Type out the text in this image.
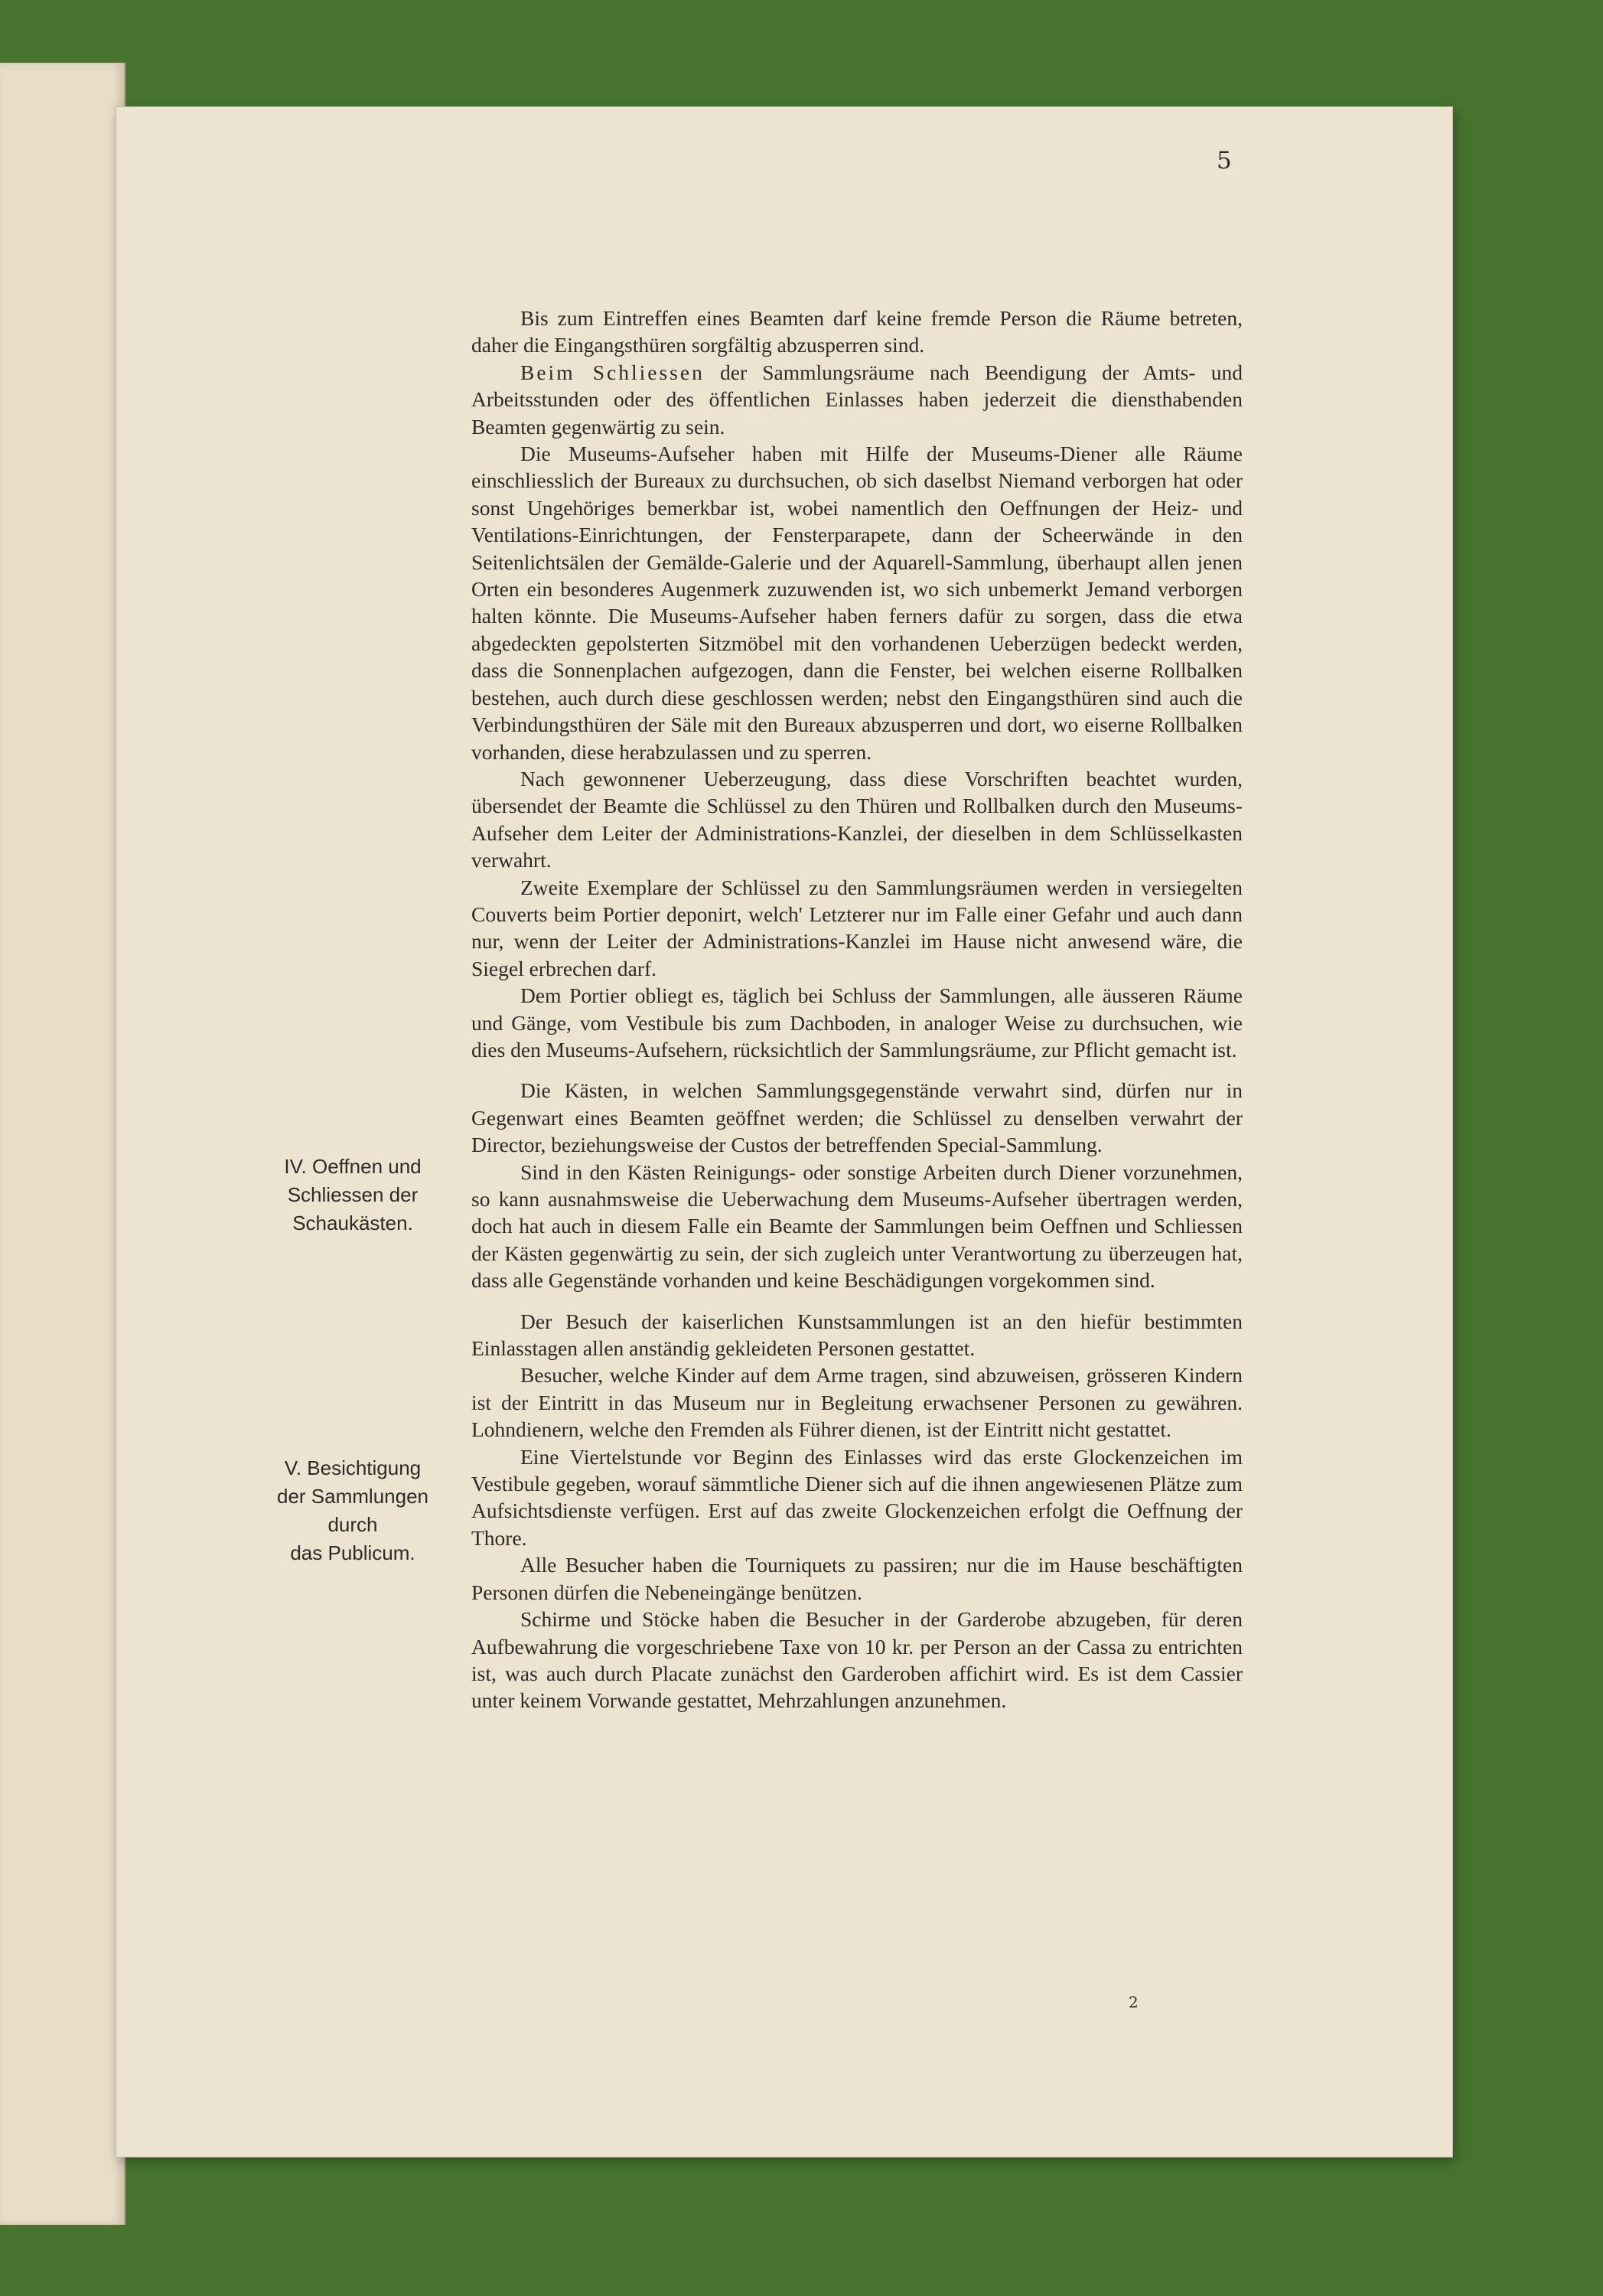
5

Bis zum Eintreffen eines Beamten darf keine fremde Person die Räume betreten, daher die Eingangsthüren sorgfältig abzusperren sind.

Beim Schliessen der Sammlungsräume nach Beendigung der Amts- und Arbeitsstunden oder des öffentlichen Einlasses haben jederzeit die diensthabenden Beamten gegenwärtig zu sein.

Die Museums-Aufseher haben mit Hilfe der Museums-Diener alle Räume einschliesslich der Bureaux zu durchsuchen, ob sich daselbst Niemand verborgen hat oder sonst Ungehöriges bemerkbar ist, wobei namentlich den Oeffnungen der Heiz- und Ventilations-Einrichtungen, der Fensterparapete, dann der Scheerwände in den Seitenlichtsälen der Gemälde-Galerie und der Aquarell-Sammlung, überhaupt allen jenen Orten ein besonderes Augenmerk zuzuwenden ist, wo sich unbemerkt Jemand verborgen halten könnte. Die Museums-Aufseher haben ferners dafür zu sorgen, dass die etwa abgedeckten gepolsterten Sitzmöbel mit den vorhandenen Ueberzügen bedeckt werden, dass die Sonnenplachen aufgezogen, dann die Fenster, bei welchen eiserne Rollbalken bestehen, auch durch diese geschlossen werden; nebst den Eingangsthüren sind auch die Verbindungsthüren der Säle mit den Bureaux abzusperren und dort, wo eiserne Rollbalken vorhanden, diese herabzulassen und zu sperren.

Nach gewonnener Ueberzeugung, dass diese Vorschriften beachtet wurden, übersendet der Beamte die Schlüssel zu den Thüren und Rollbalken durch den Museums-Aufseher dem Leiter der Administrations-Kanzlei, der dieselben in dem Schlüsselkasten verwahrt.

Zweite Exemplare der Schlüssel zu den Sammlungsräumen werden in versiegelten Couverts beim Portier deponirt, welch' Letzterer nur im Falle einer Gefahr und auch dann nur, wenn der Leiter der Administrations-Kanzlei im Hause nicht anwesend wäre, die Siegel erbrechen darf.

Dem Portier obliegt es, täglich bei Schluss der Sammlungen, alle äusseren Räume und Gänge, vom Vestibule bis zum Dachboden, in analoger Weise zu durchsuchen, wie dies den Museums-Aufsehern, rücksichtlich der Sammlungsräume, zur Pflicht gemacht ist.

Die Kästen, in welchen Sammlungsgegenstände verwahrt sind, dürfen nur in Gegenwart eines Beamten geöffnet werden; die Schlüssel zu denselben verwahrt der Director, beziehungsweise der Custos der betreffenden Special-Sammlung.

Sind in den Kästen Reinigungs- oder sonstige Arbeiten durch Diener vorzunehmen, so kann ausnahmsweise die Ueberwachung dem Museums-Aufseher übertragen werden, doch hat auch in diesem Falle ein Beamte der Sammlungen beim Oeffnen und Schliessen der Kästen gegenwärtig zu sein, der sich zugleich unter Verantwortung zu überzeugen hat, dass alle Gegenstände vorhanden und keine Beschädigungen vorgekommen sind.

Der Besuch der kaiserlichen Kunstsammlungen ist an den hiefür bestimmten Einlasstagen allen anständig gekleideten Personen gestattet.

Besucher, welche Kinder auf dem Arme tragen, sind abzuweisen, grösseren Kindern ist der Eintritt in das Museum nur in Begleitung erwachsener Personen zu gewähren. Lohndienern, welche den Fremden als Führer dienen, ist der Eintritt nicht gestattet.

Eine Viertelstunde vor Beginn des Einlasses wird das erste Glockenzeichen im Vestibule gegeben, worauf sämmtliche Diener sich auf die ihnen angewiesenen Plätze zum Aufsichtsdienste verfügen. Erst auf das zweite Glockenzeichen erfolgt die Oeffnung der Thore.

Alle Besucher haben die Tourniquets zu passiren; nur die im Hause beschäftigten Personen dürfen die Nebeneingänge benützen.

Schirme und Stöcke haben die Besucher in der Garderobe abzugeben, für deren Aufbewahrung die vorgeschriebene Taxe von 10 kr. per Person an der Cassa zu entrichten ist, was auch durch Placate zunächst den Garderoben affichirt wird. Es ist dem Cassier unter keinem Vorwande gestattet, Mehrzahlungen anzunehmen.

IV. Oeffnen und
Schliessen der
Schaukästen.
V. Besichtigung
der Sammlungen
durch
das Publicum.
2
